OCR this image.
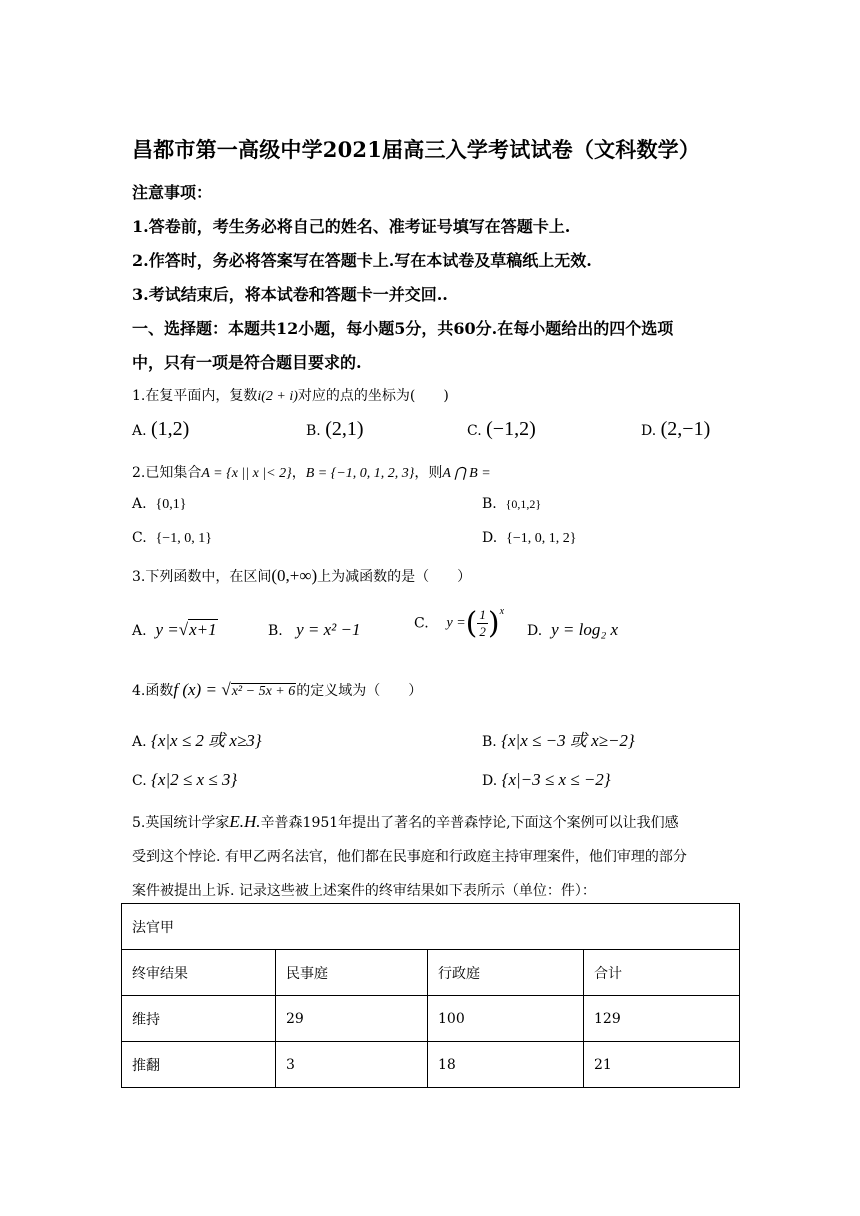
昌都市第一高级中学2021届高三入学考试试卷（文科数学）
注意事项：
1.答卷前，考生务必将自己的姓名、准考证号填写在答题卡上.
2.作答时，务必将答案写在答题卡上.写在本试卷及草稿纸上无效.
3.考试结束后，将本试卷和答题卡一并交回..
一、选择题：本题共12小题，每小题5分，共60分.在每小题给出的四个选项
中，只有一项是符合题目要求的.
1.在复平面内，复数i(2 + i)对应的点的坐标为(　　)
A. (1,2)	B. (2,1)	C. (−1,2)	D. (2,−1)
2.已知集合A = {x || x |< 2}，B = {−1, 0, 1, 2, 3}，则A ⋂ B =
A. {0,1}	B. {0,1,2}
C. {−1, 0, 1}	D. {−1, 0, 1, 2}
3.下列函数中，在区间(0,+∞)上为减函数的是（　　）
A. y =√x+1	B. y = x² −1	C. y =( $\frac{1}{2})^x$
D. y = log₂ x
4.函数f (x) = √x² − 5x + 6的定义域为（　　）
A. {x|x ≤ 2 或 x≥3}	B. {x|x ≤ −3 或 x≥−2}
C. {x|2 ≤ x ≤ 3}	D. {x|−3 ≤ x ≤ −2}
5.英国统计学家E.H.辛普森1951年提出了著名的辛普森悖论,下面这个案例可以让我们感
受到这个悖论. 有甲乙两名法官，他们都在民事庭和行政庭主持审理案件，他们审理的部分
案件被提出上诉. 记录这些被上述案件的终审结果如下表所示（单位：件）：
法官甲			
终审结果	民事庭	行政庭	合计
维持	29	100	129
推翻	3	18	21
